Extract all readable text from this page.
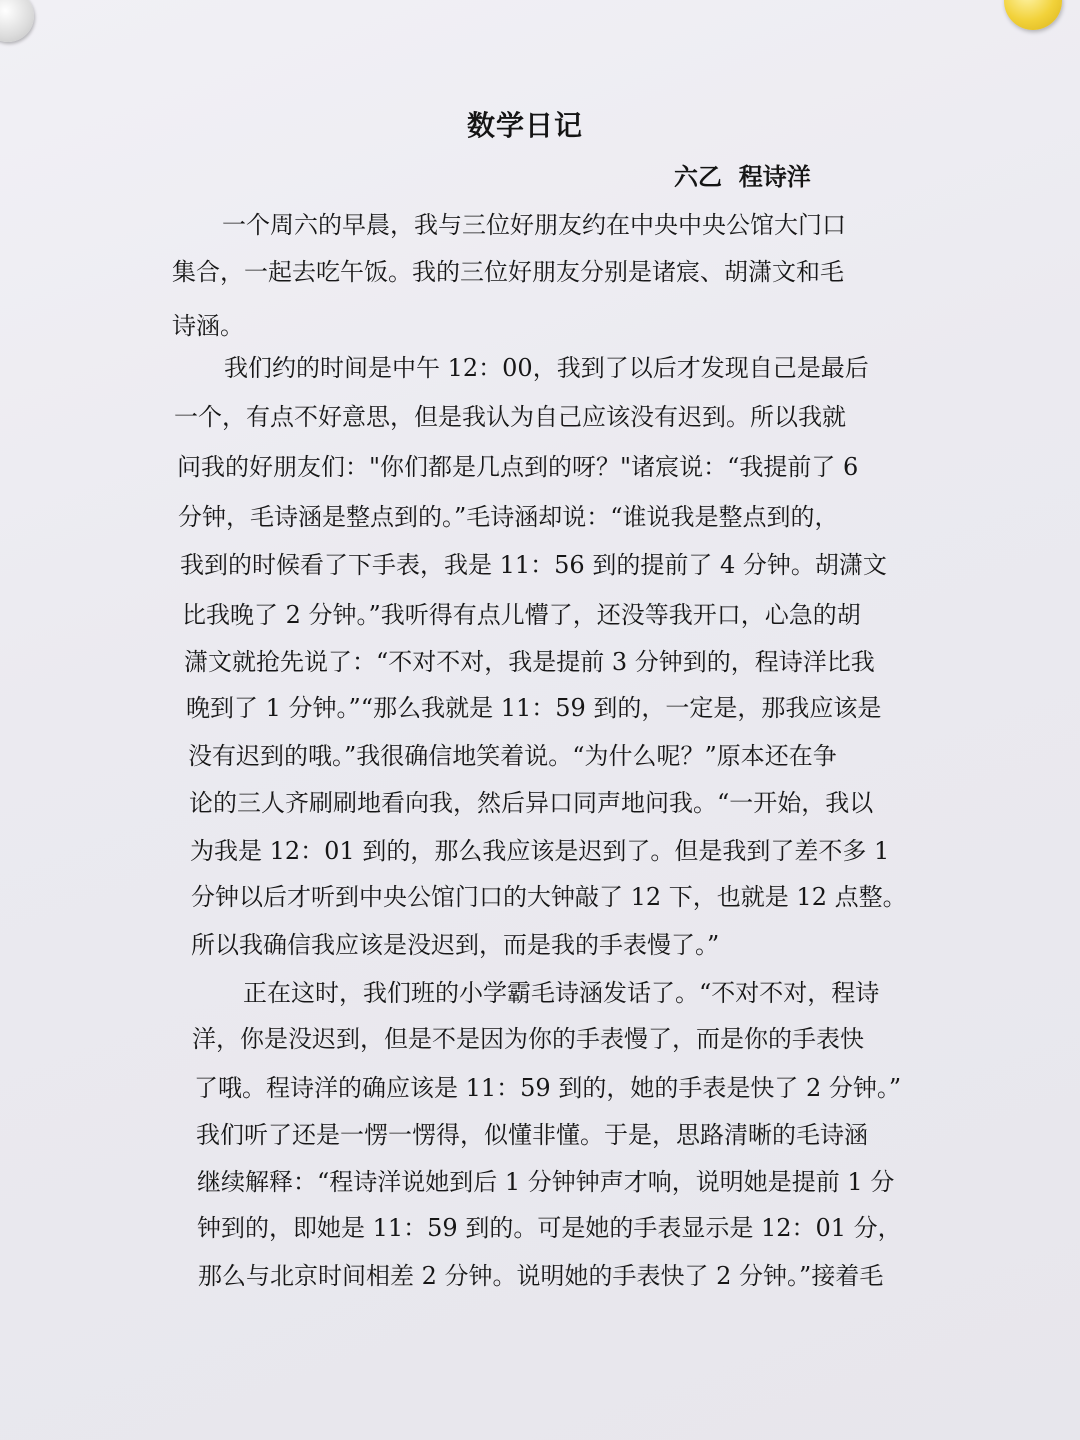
数学日记
六乙  程诗洋
一个周六的早晨，我与三位好朋友约在中央中央公馆大门口
集合，一起去吃午饭。我的三位好朋友分别是诸宸、胡潇文和毛
诗涵。
我们约的时间是中午 12：00，我到了以后才发现自己是最后
一个，有点不好意思，但是我认为自己应该没有迟到。所以我就
问我的好朋友们："你们都是几点到的呀？"诸宸说：“我提前了 6
分钟，毛诗涵是整点到的。”毛诗涵却说：“谁说我是整点到的，
我到的时候看了下手表，我是 11：56 到的提前了 4 分钟。胡潇文
比我晚了 2 分钟。”我听得有点儿懵了，还没等我开口，心急的胡
潇文就抢先说了：“不对不对，我是提前 3 分钟到的，程诗洋比我
晚到了 1 分钟。”“那么我就是 11：59 到的，一定是，那我应该是
没有迟到的哦。”我很确信地笑着说。“为什么呢？”原本还在争
论的三人齐刷刷地看向我，然后异口同声地问我。“一开始，我以
为我是 12：01 到的，那么我应该是迟到了。但是我到了差不多 1
分钟以后才听到中央公馆门口的大钟敲了 12 下，也就是 12 点整。
所以我确信我应该是没迟到，而是我的手表慢了。”
正在这时，我们班的小学霸毛诗涵发话了。“不对不对，程诗
洋，你是没迟到，但是不是因为你的手表慢了，而是你的手表快
了哦。程诗洋的确应该是 11：59 到的，她的手表是快了 2 分钟。”
我们听了还是一愣一愣得，似懂非懂。于是，思路清晰的毛诗涵
继续解释：“程诗洋说她到后 1 分钟钟声才响，说明她是提前 1 分
钟到的，即她是 11：59 到的。可是她的手表显示是 12：01 分，
那么与北京时间相差 2 分钟。说明她的手表快了 2 分钟。”接着毛
